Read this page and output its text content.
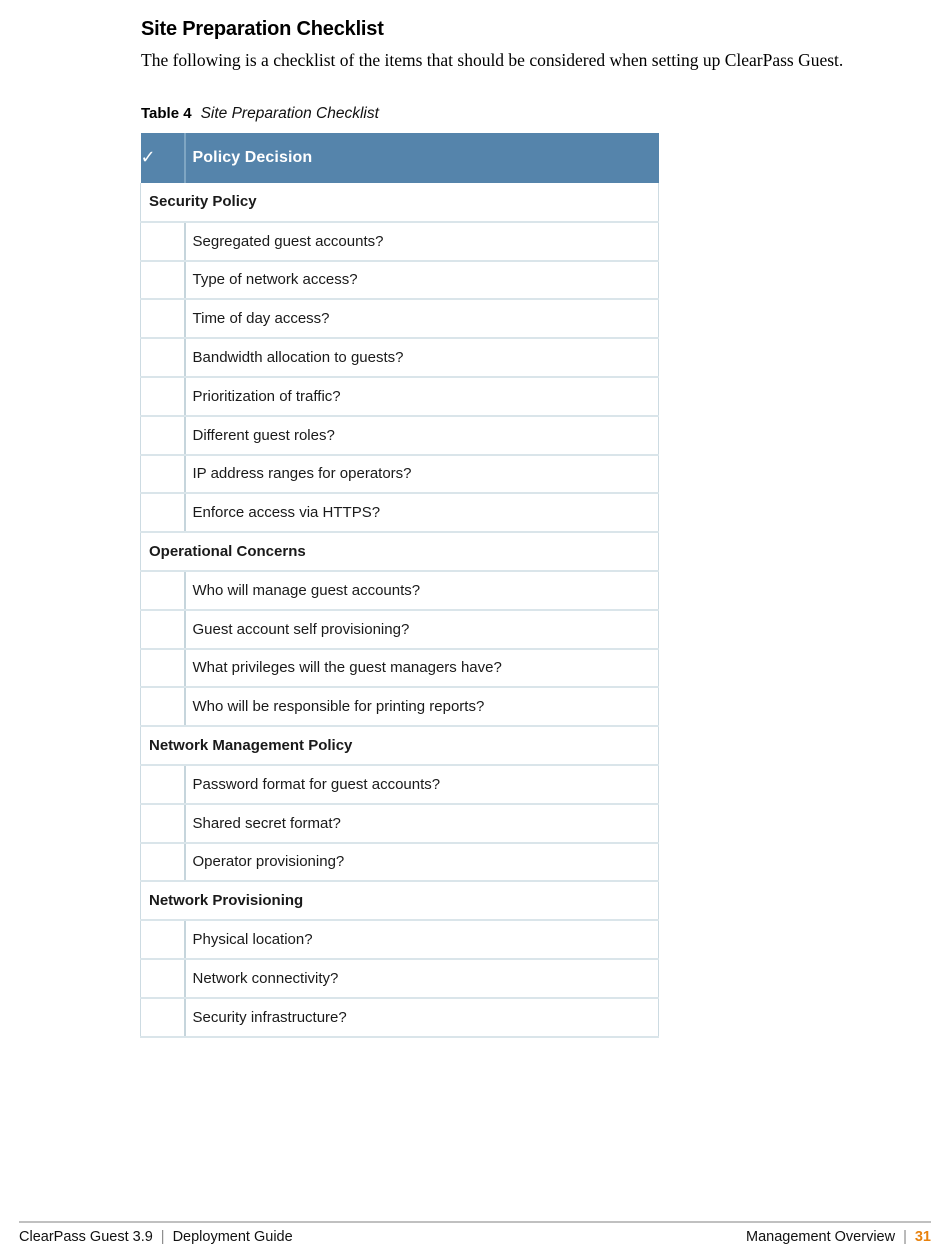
Site Preparation Checklist

The following is a checklist of the items that should be considered when setting up ClearPass Guest.

Table 4 Site Preparation Checklist
✓	Policy Decision
Security Policy	
	Segregated guest accounts?
	Type of network access?
	Time of day access?
	Bandwidth allocation to guests?
	Prioritization of traffic?
	Different guest roles?
	IP address ranges for operators?
	Enforce access via HTTPS?
Operational Concerns	
	Who will manage guest accounts?
	Guest account self provisioning?
	What privileges will the guest managers have?
	Who will be responsible for printing reports?
Network Management Policy	
	Password format for guest accounts?
	Shared secret format?
	Operator provisioning?
Network Provisioning	
	Physical location?
	Network connectivity?
	Security infrastructure?
ClearPass Guest 3.9 | Deployment Guide	Management Overview | 31
